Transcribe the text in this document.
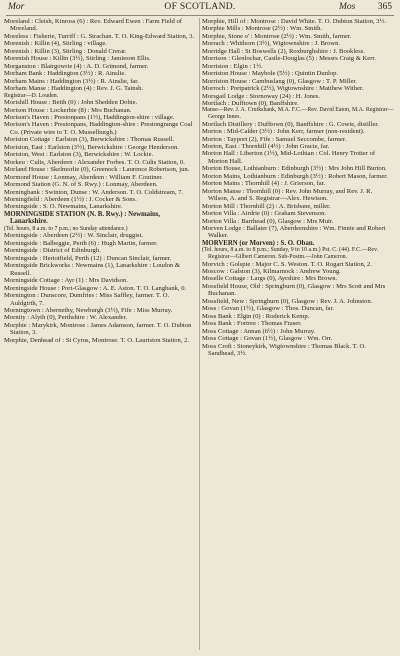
Mor	OF SCOTLAND.	Mos 365

Moreland : Cleish, Kinross (6) : Rev. Edward Ewen : Farm Field of Moreland.

Moreless : Fisherie, Turriff : G. Strachan. T. O. King-Edward Station, 3.

Morenish : Killin (4), Stirling : village.

Morenish : Killin (3), Stirling : Donald Crerar.

Morenish House : Killin (3½), Stirling : Jamieson Ellis.

Morganston : Blairgowrie (4) : A. D. Grimond, farmer.

Morham Bank : Haddington (3½) : R. Ainslie.

Morham Mains : Haddington (3½) : R. Ainslie, far.

Morham Manse : Haddington (4) : Rev. J. G. Tainsh.

Registrar—D. Louden.

Morishill House : Beith (0) : John Shedden Dobie.

Morison House : Lockerbie (8) : Mrs Buchanan.

Morison's Haven : Prestonpans (1½), Haddington-shire : village.

Morison's Haven : Prestonpans, Haddington-shire : Prestongrange Coal Co. (Private wire to T. O. Musselburgh.)

Moriston Cottage : Earlston (3), Berwickshire : Thomas Russell.

Moriston, East : Earlston (3½), Berwickshire : George Henderson.

Moriston, West : Earlston (3), Berwickshire : W. Lockie.

Morkeu : Cults, Aberdeen : Alexander Forbes. T. O. Cults Station, 0.

Morland House : Skelmorlie (0), Greenock : Laurence Robertson, jun.

Mormond House : Lonmay, Aberdeen : William F. Coutiner.

Mormond Station (G. N. of S. Rwy.) : Lonmay, Aberdeen.

Morningbank : Swinton, Dunse : W. Anderson. T. O. Coldstream, 7.

Morningfield : Aberdeen (1½) : J. Cocker & Sons.

Morningside : S. O. Newmains, Lanarkshire.

MORNINGSIDE STATION (N. B. Rwy.) : Newmains, Lanarkshire.

(Tel. hours, 8 a.m. to 7 p.m.; no Sunday attendance.)

Morningside : Aberdeen (2½) : W. Sinclair, druggist.

Morningside : Balbeggie, Perth (6) : Hugh Martin, farmer.

Morningside : District of Edinburgh.

Morningside : Heriotfield, Perth (12) : Duncan Sinclair, farmer.

Morningside Brickworks : Newmains (1), Lanarkshire : Loudon & Russell.

Morningside Cottage : Ayr (1) : Mrs Davidson.

Morningside House : Port-Glasgow : A. E. Aston. T. O. Langbank, 0.

Mornington : Dunscore, Dumfries : Miss Saffley, farmer. T. O. Auldgirth, 7.

Morningtown : Abernethy, Newburgh (3½), Fife : Miss Murray.

Mornity : Alyth (0), Perthshire : W. Alexander.

Morphie : Marykirk, Montrose : James Adamson, farmer. T. O. Dubton Station, 3.

Morphie, Denhead of : St Cyrus, Montrose. T. O. Lauriston Station, 2.

Morphie, Hill of : Montrose : David White. T. O. Dubton Station, 3½.

Morphie Mills : Montrose (2½) : Wm. Smith.

Morphie, Stone o' : Montrose (2½) : Wm. Smith, farmer.

Morrach : Whithorn (3½), Wigtownshire : J. Brown.

Morridge Hall : St Boswells (2), Roxburghshire : J. Bookless.

Morrison : Glenlochar, Castle-Douglas (5) : Messrs Craig & Kerr.

Morriston : Elgin : 1½.

Morriston House : Maybole (5½) : Quintin Dunlop.

Morriston House : Cambuslang (0), Glasgow : T. P. Miller.

Morroch : Portpatrick (2½), Wigtownshire : Matthew Wither.

Morsgail Lodge : Stornoway (24) : H. Jones.

Mortlach : Dufftown (0), Banffshire.

Manse—Rev. J. A. Cruikshank, M.A. F.C.—Rev. David Eaton, M.A. Registrar—George Innes.

Mortlach Distillery : Dufftown (0), Banffshire : G. Cowie, distiller.

Morton : Mid-Calder (3½) : John Kerr, farmer (non-resident).

Morton : Tayport (2), Fife : Samuel Seccombe, farmer.

Morton, East : Thornhill (4½) : John Gracie, far.

Morton Hall : Liberton (1½), Mid-Lothian : Col. Henry Trotter of Morton Hall.

Morton House, Lothianburn : Edinburgh (3½) : Mrs John Hill Burton.

Morton Mains, Lothianburn : Edinburgh (3½) : Robert Mason, farmer.

Morton Mains : Thornhill (4) : J. Grierson, far.

Morton Manse : Thornhill (0) : Rev. John Murray, and Rev. J. R. Wilson, A. and S. Registrar—Alex. Hewison.

Morton Mill : Thornhill (2) : A. Brisbane, miller.

Morton Villa : Airdrie (0) : Graham Stevenson.

Morton Villa : Barrhead (0), Glasgow : Mrs Muir.

Morven Lodge : Ballater (7), Aberdeenshire : Wm. Finnie and Robert Walker.

MORVERN (or Morven) : S. O. Oban.

(Tel. hours, 8 a.m. to 8 p.m.; Sunday, 9 to 10 a.m.) Pst. C. (44). F.C.—Rev. Registrar—Gilbert Cameron. Sub-Postm.—John Cameron.

Morvich : Golspie : Major C. S. Weston. T. O. Rogart Station, 2.

Moscow : Galston (3), Kilmarnock : Andrew Young.

Moselle Cottage : Largs (0), Ayrshire : Mrs Brown.

Mossfield House, Old : Springburn (0), Glasgow : Mrs Scott and Mrs Buchanan.

Mossfield, New : Springburn (0), Glasgow : Rev. J. A. Johnston.

Moss : Govan (1½), Glasgow : Thos. Duncan, far.

Moss Bank : Elgin (0) : Roderick Kemp.

Moss Bank : Fortree : Thomas Fraser.

Moss Cottage : Annan (6½) : John Murray.

Moss Cottage : Govan (1½), Glasgow : Wm. Orr.

Moss Croft : Stoneykirk, Wigtownshire : Thomas Black. T. O. Sandhead, 3½.
